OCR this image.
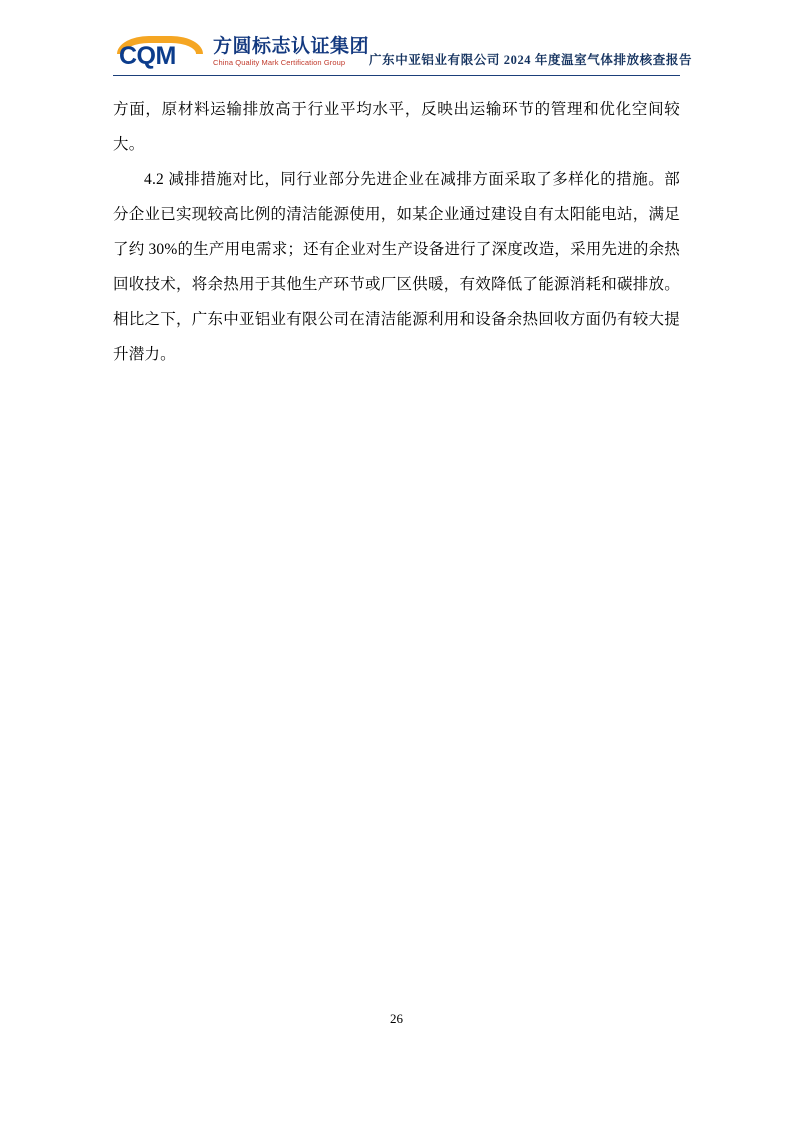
CQM 方圆标志认证集团
China Quality Mark Certification Group	广东中亚铝业有限公司 2024 年度温室气体排放核查报告

方面，原材料运输排放高于行业平均水平，反映出运输环节的管理和优化空间较大。

4.2 减排措施对比，同行业部分先进企业在减排方面采取了多样化的措施。部分企业已实现较高比例的清洁能源使用，如某企业通过建设自有太阳能电站，满足了约 30%的生产用电需求；还有企业对生产设备进行了深度改造，采用先进的余热回收技术，将余热用于其他生产环节或厂区供暖，有效降低了能源消耗和碳排放。相比之下，广东中亚铝业有限公司在清洁能源利用和设备余热回收方面仍有较大提升潜力。

26
